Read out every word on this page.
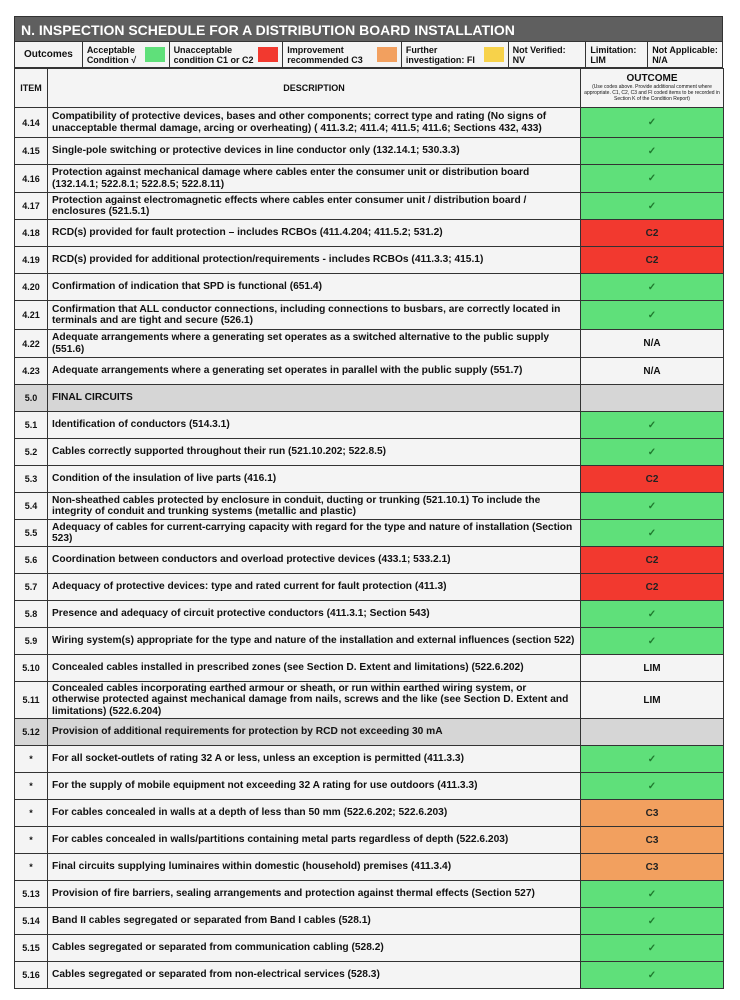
N. INSPECTION SCHEDULE FOR A DISTRIBUTION BOARD INSTALLATION
Outcomes	Acceptable
Condition √
Unacceptable
condition C1 or C2
Improvement
recommended C3
Further
investigation: FI
Not Verified:
NV
Limitation:
LIM
Not Applicable:
N/A
ITEM	DESCRIPTION	OUTCOME
(Use codes above. Provide additional comment where appropriate. C1, C2, C3 and FI coded items to be recorded in Section K of the Condition Report)

4.14	Compatibility of protective devices, bases and other components; correct type and rating (No signs of unacceptable thermal damage, arcing or overheating) ( 411.3.2; 411.4; 411.5; 411.6; Sections 432, 433)	✓
4.15	Single-pole switching or protective devices in line conductor only (132.14.1; 530.3.3)	✓
4.16	Protection against mechanical damage where cables enter the consumer unit or distribution board (132.14.1; 522.8.1; 522.8.5; 522.8.11)	✓
4.17	Protection against electromagnetic effects where cables enter consumer unit / distribution board / enclosures (521.5.1)	✓
4.18	RCD(s) provided for fault protection – includes RCBOs (411.4.204; 411.5.2; 531.2)	C2
4.19	RCD(s) provided for additional protection/requirements - includes RCBOs (411.3.3; 415.1)	C2
4.20	Confirmation of indication that SPD is functional (651.4)	✓
4.21	Confirmation that ALL conductor connections, including connections to busbars, are correctly located in terminals and are tight and secure (526.1)	✓
4.22	Adequate arrangements where a generating set operates as a switched alternative to the public supply (551.6)	N/A
4.23	Adequate arrangements where a generating set operates in parallel with the public supply (551.7)	N/A
5.0	FINAL CIRCUITS	
5.1	Identification of conductors (514.3.1)	✓
5.2	Cables correctly supported throughout their run (521.10.202; 522.8.5)	✓
5.3	Condition of the insulation of live parts (416.1)	C2
5.4	Non-sheathed cables protected by enclosure in conduit, ducting or trunking (521.10.1) To include the integrity of conduit and trunking systems (metallic and plastic)	✓
5.5	Adequacy of cables for current-carrying capacity with regard for the type and nature of installation (Section 523)	✓
5.6	Coordination between conductors and overload protective devices (433.1; 533.2.1)	C2
5.7	Adequacy of protective devices: type and rated current for fault protection (411.3)	C2
5.8	Presence and adequacy of circuit protective conductors (411.3.1; Section 543)	✓
5.9	Wiring system(s) appropriate for the type and nature of the installation and external influences (section 522)	✓
5.10	Concealed cables installed in prescribed zones (see Section D. Extent and limitations) (522.6.202)	LIM
5.11	Concealed cables incorporating earthed armour or sheath, or run within earthed wiring system, or otherwise protected against mechanical damage from nails, screws and the like (see Section D. Extent and limitations) (522.6.204)	LIM
5.12	Provision of additional requirements for protection by RCD not exceeding 30 mA	
*	For all socket-outlets of rating 32 A or less, unless an exception is permitted (411.3.3)	✓
*	For the supply of mobile equipment not exceeding 32 A rating for use outdoors (411.3.3)	✓
*	For cables concealed in walls at a depth of less than 50 mm (522.6.202; 522.6.203)	C3
*	For cables concealed in walls/partitions containing metal parts regardless of depth (522.6.203)	C3
*	Final circuits supplying luminaires within domestic (household) premises (411.3.4)	C3
5.13	Provision of fire barriers, sealing arrangements and protection against thermal effects (Section 527)	✓
5.14	Band II cables segregated or separated from Band I cables (528.1)	✓
5.15	Cables segregated or separated from communication cabling (528.2)	✓
5.16	Cables segregated or separated from non-electrical services (528.3)	✓
